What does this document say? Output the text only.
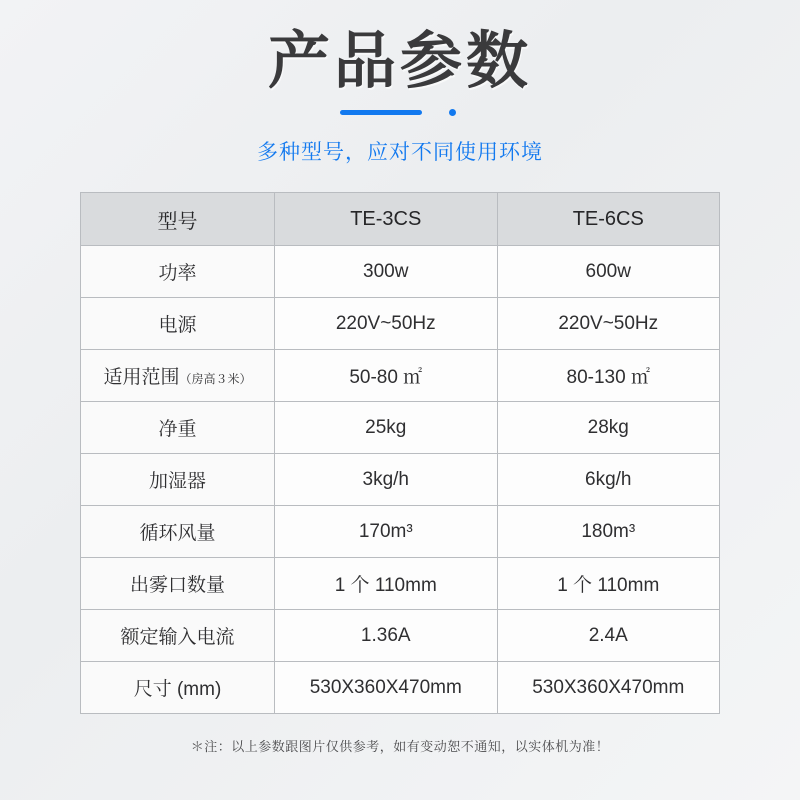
产品参数
多种型号，应对不同使用环境
型号	TE-3CS	TE-6CS
功率	300w	600w
电源	220V~50Hz	220V~50Hz
适用范围（房高３米）	50-80 ㎡	80-130 ㎡
净重	25kg	28kg
加湿器	3kg/h	6kg/h
循环风量	170m³	180m³
出雾口数量	1 个 110mm	1 个 110mm
额定输入电流	1.36A	2.4A
尺寸 (mm)	530X360X470mm	530X360X470mm
＊注：以上参数跟图片仅供参考，如有变动恕不通知，以实体机为准！
